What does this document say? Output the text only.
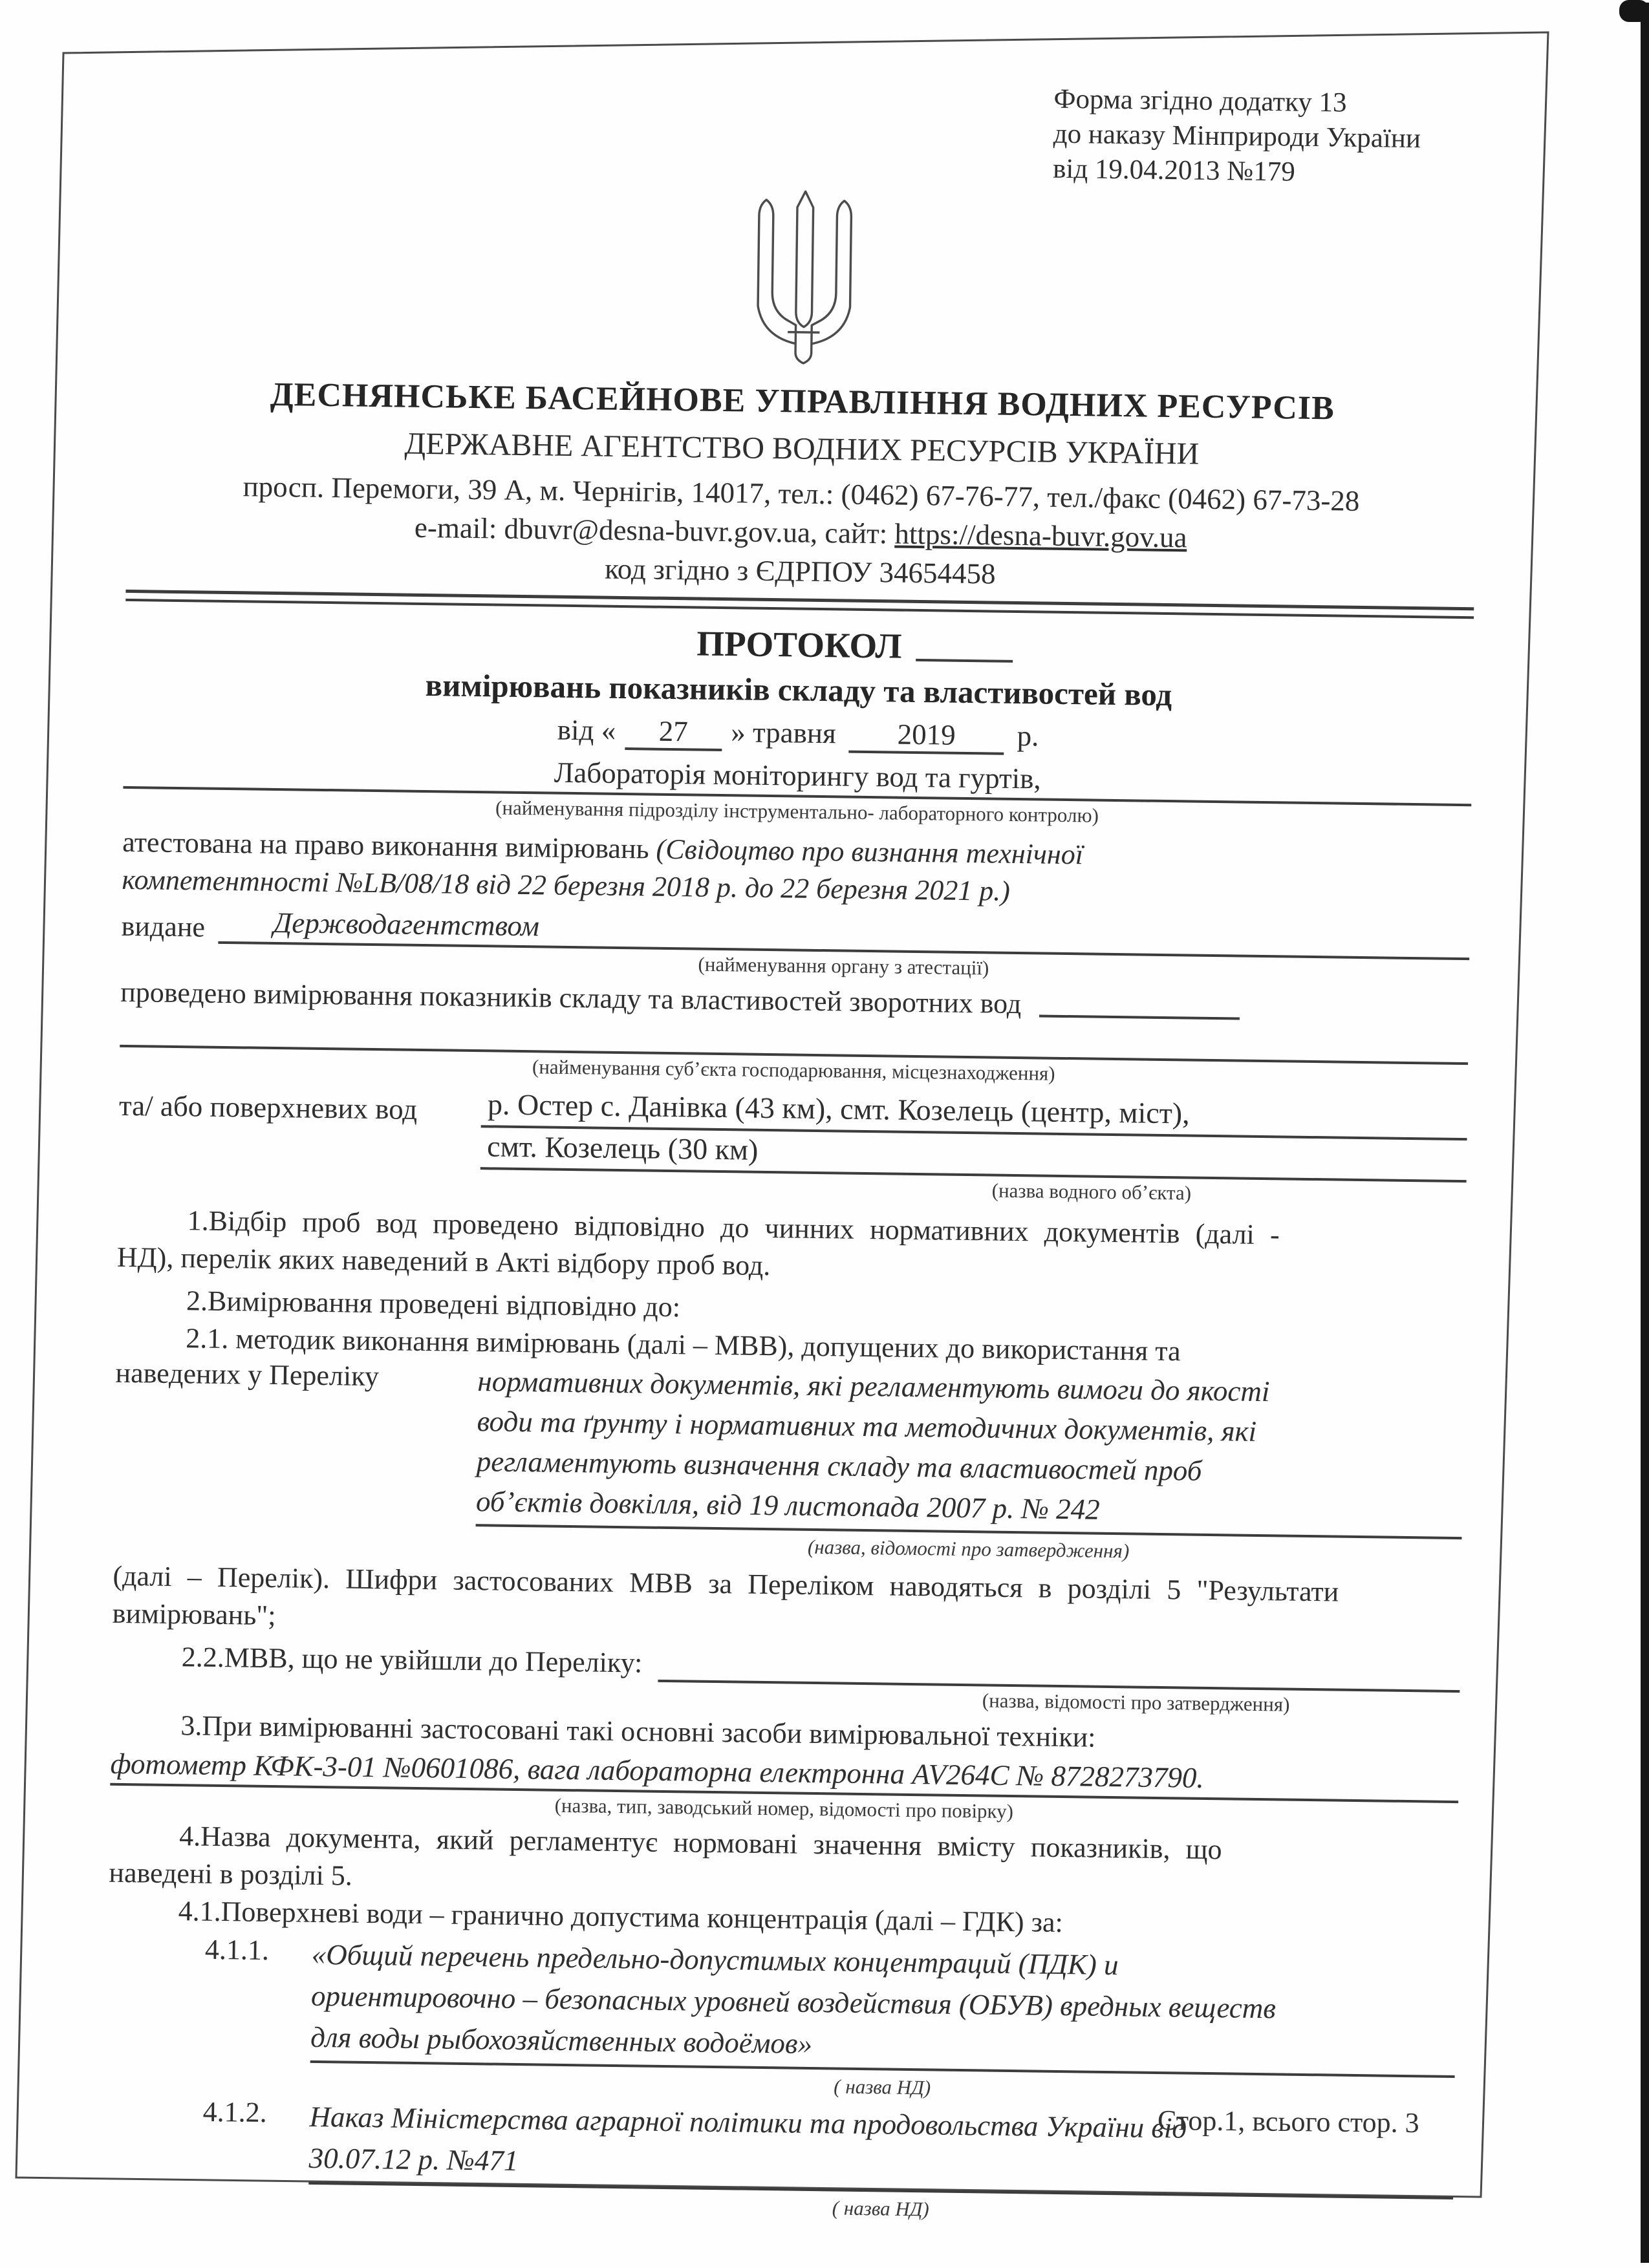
Форма згідно додатку 13
до наказу Мінприроди України
від 19.04.2013 №179
ДЕСНЯНСЬКЕ БАСЕЙНОВЕ УПРАВЛІННЯ ВОДНИХ РЕСУРСІВ
ДЕРЖАВНЕ АГЕНТСТВО ВОДНИХ РЕСУРСІВ УКРАЇНИ
просп. Перемоги, 39 А, м. Чернігів, 14017, тел.: (0462) 67-76-77, тел./факс (0462) 67-73-28
e-mail: dbuvr@desna-buvr.gov.ua, сайт: https://desna-buvr.gov.ua
код згідно з ЄДРПОУ 34654458
ПРОТОКОЛ
вимірювань показників складу та властивостей вод
від « 27 » травня 2019 р.
Лабораторія моніторингу вод та гуртів,
(найменування підрозділу інструментально- лабораторного контролю)
атестована на право виконання вимірювань (Свідоцтво про визнання технічної
компетентності №LB/08/18 від 22 березня 2018 р. до 22 березня 2021 р.)
видане	Держводагентством
(найменування органу з атестації)
проведено вимірювання показників складу та властивостей зворотних вод
(найменування суб’єкта господарювання, місцезнаходження)
та/ або поверхневих вод	р. Остер с. Данівка (43 км), смт. Козелець (центр, міст),
смт. Козелець (30 км)
(назва водного об’єкта)
1.Відбір проб вод проведено відповідно до чинних нормативних документів (далі -
НД), перелік яких наведений в Акті відбору проб вод.
2.Вимірювання проведені відповідно до:
2.1. методик виконання вимірювань (далі – МВВ), допущених до використання та
наведених у Переліку	нормативних документів, які регламентують вимоги до якості
води та ґрунту і нормативних та методичних документів, які
регламентують визначення складу та властивостей проб
об’єктів довкілля, від 19 листопада 2007 р. № 242
(назва, відомості про затвердження)
(далі – Перелік). Шифри застосованих МВВ за Переліком наводяться в розділі 5 "Результати
вимірювань";
2.2.МВВ, що не увійшли до Переліку:
(назва, відомості про затвердження)
3.При вимірюванні застосовані такі основні засоби вимірювальної техніки:
фотометр КФК-3-01 №0601086, вага лабораторна електронна AV264C № 8728273790.
(назва, тип, заводський номер, відомості про повірку)
4.Назва документа, який регламентує нормовані значення вмісту показників, що
наведені в розділі 5.
4.1.Поверхневі води – гранично допустима концентрація (далі – ГДК) за:
4.1.1.	«Общий перечень предельно-допустимых концентраций (ПДК) и
ориентировочно – безопасных уровней воздействия (ОБУВ) вредных веществ
для воды рыбохозяйственных водоёмов»
( назва НД)
4.1.2.	Наказ Міністерства аграрної політики та продовольства України від
30.07.12 р. №471
( назва НД)
Стор.1, всього стор. 3
